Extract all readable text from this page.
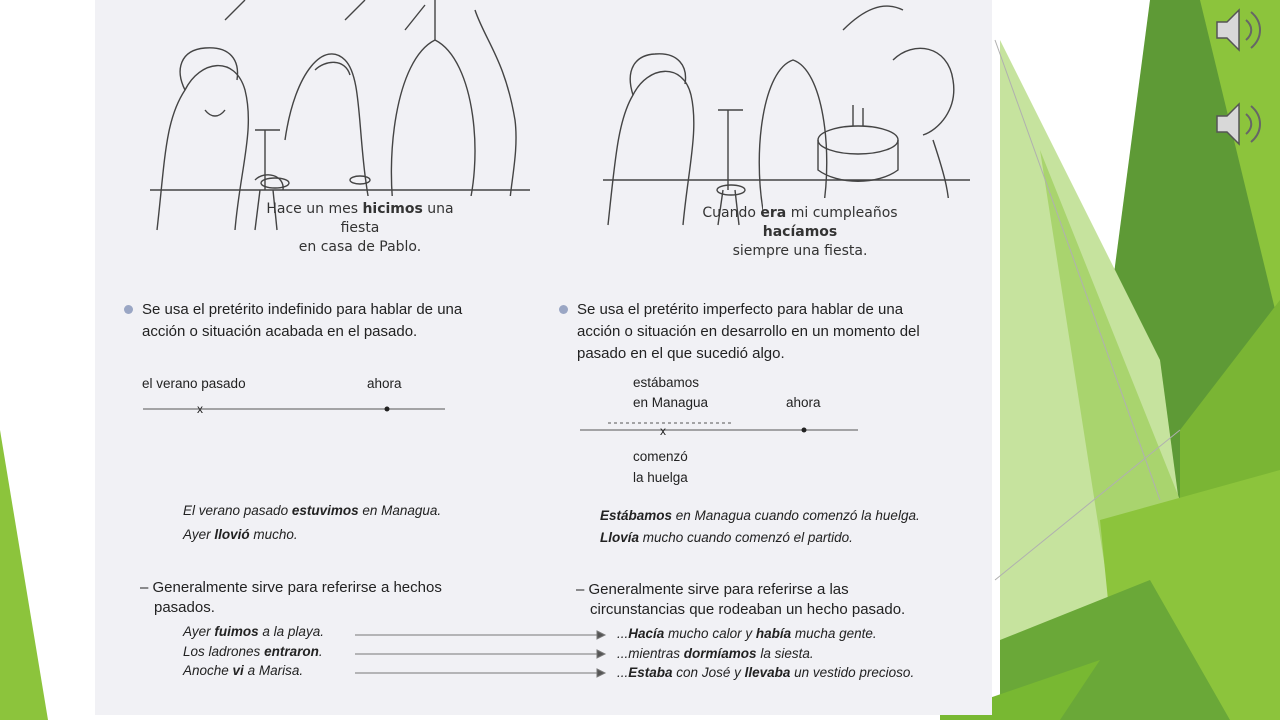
Hace un mes hicimos una fiesta
en casa de Pablo.
Cuando era mi cumpleaños hacíamos
siempre una fiesta.
Se usa el pretérito indefinido para hablar de una
acción o situación acabada en el pasado.
el verano pasado	ahora
x
El verano pasado estuvimos en Managua.
Ayer llovió mucho.
– Generalmente sirve para referirse a hechos
pasados.
Ayer fuimos a la playa.
Los ladrones entraron.
Anoche vi a Marisa.
Se usa el pretérito imperfecto para hablar de una
acción o situación en desarrollo en un momento del
pasado en el que sucedió algo.
estábamos
en Managua	ahora
x
comenzó
la huelga
Estábamos en Managua cuando comenzó la huelga.
Llovía mucho cuando comenzó el partido.
– Generalmente sirve para referirse a las
circunstancias que rodeaban un hecho pasado.
...Hacía mucho calor y había mucha gente.
...mientras dormíamos la siesta.
...Estaba con José y llevaba un vestido precioso.
